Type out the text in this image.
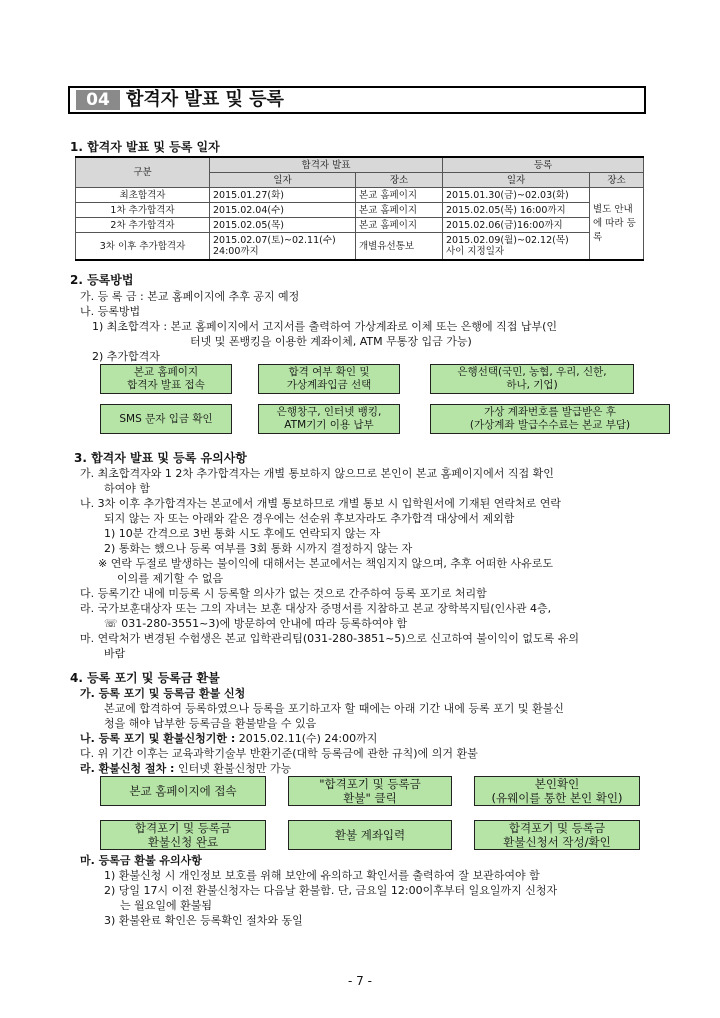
04 합격자 발표 및 등록
1. 합격자 발표 및 등록 일자
구분	합격자 발표		등록	
	일자	장소	일자	장소
최초합격자	2015.01.27(화)	본교 홈페이지	2015.01.30(금)~02.03(화)	별도 안내
에 따라 등
록
1차 추가합격자	2015.02.04(수)	본교 홈페이지	2015.02.05(목) 16:00까지	
2차 추가합격자	2015.02.05(목)	본교 홈페이지	2015.02.06(금)16:00까지	
3차 이후 추가합격자	2015.02.07(토)~02.11(수)
24:00까지	개별유선통보	2015.02.09(월)~02.12(목)
사이 지정일자	
2. 등록방법
가. 등 록 금 : 본교 홈페이지에 추후 공지 예정
나. 등록방법
1) 최초합격자 : 본교 홈페이지에서 고지서를 출력하여 가상계좌로 이체 또는 은행에 직접 납부(인
터넷 및 폰뱅킹을 이용한 계좌이체, ATM 무통장 입금 가능)
2) 추가합격자
본교 홈페이지
합격자 발표 접속
합격 여부 확인 및
가상계좌입금 선택
은행선택(국민, 농협, 우리, 신한,
하나, 기업)
SMS 문자 입금 확인
은행창구, 인터넷 뱅킹,
ATM기기 이용 납부
가상 계좌번호를 발급받은 후
(가상계좌 발급수수료는 본교 부담)
3. 합격자 발표 및 등록 유의사항
가. 최초합격자와 1 2차 추가합격자는 개별 통보하지 않으므로 본인이 본교 홈페이지에서 직접 확인
하여야 함
나. 3차 이후 추가합격자는 본교에서 개별 통보하므로 개별 통보 시 입학원서에 기재된 연락처로 연락
되지 않는 자 또는 아래와 같은 경우에는 선순위 후보자라도 추가합격 대상에서 제외함
1) 10분 간격으로 3번 통화 시도 후에도 연락되지 않는 자
2) 통화는 했으나 등록 여부를 3회 통화 시까지 결정하지 않는 자
※ 연락 두절로 발생하는 불이익에 대해서는 본교에서는 책임지지 않으며, 추후 어떠한 사유로도
이의를 제기할 수 없음
다. 등록기간 내에 미등록 시 등록할 의사가 없는 것으로 간주하여 등록 포기로 처리함
라. 국가보훈대상자 또는 그의 자녀는 보훈 대상자 증명서를 지참하고 본교 장학복지팀(인사관 4층,
☏ 031-280-3551~3)에 방문하여 안내에 따라 등록하여야 함
마. 연락처가 변경된 수험생은 본교 입학관리팀(031-280-3851~5)으로 신고하여 불이익이 없도록 유의
바람
4. 등록 포기 및 등록금 환불
가. 등록 포기 및 등록금 환불 신청
본교에 합격하여 등록하였으나 등록을 포기하고자 할 때에는 아래 기간 내에 등록 포기 및 환불신
청을 해야 납부한 등록금을 환불받을 수 있음
나. 등록 포기 및 환불신청기한 : 2015.02.11(수) 24:00까지
다. 위 기간 이후는 교육과학기술부 반환기준(대학 등록금에 관한 규칙)에 의거 환불
라. 환불신청 절차 : 인터넷 환불신청만 가능
본교 홈페이지에 접속	"합격포기 및 등록금
환불" 클릭
본인확인
(유웨이를 통한 본인 확인)
합격포기 및 등록금
환불신청 완료	환불 계좌입력	합격포기 및 등록금
환불신청서 작성/확인
마. 등록금 환불 유의사항
1) 환불신청 시 개인정보 보호를 위해 보안에 유의하고 확인서를 출력하여 잘 보관하여야 함
2) 당일 17시 이전 환불신청자는 다음날 환불함. 단, 금요일 12:00이후부터 일요일까지 신청자
는 월요일에 환불됨
3) 환불완료 확인은 등록확인 절차와 동일
- 7 -
